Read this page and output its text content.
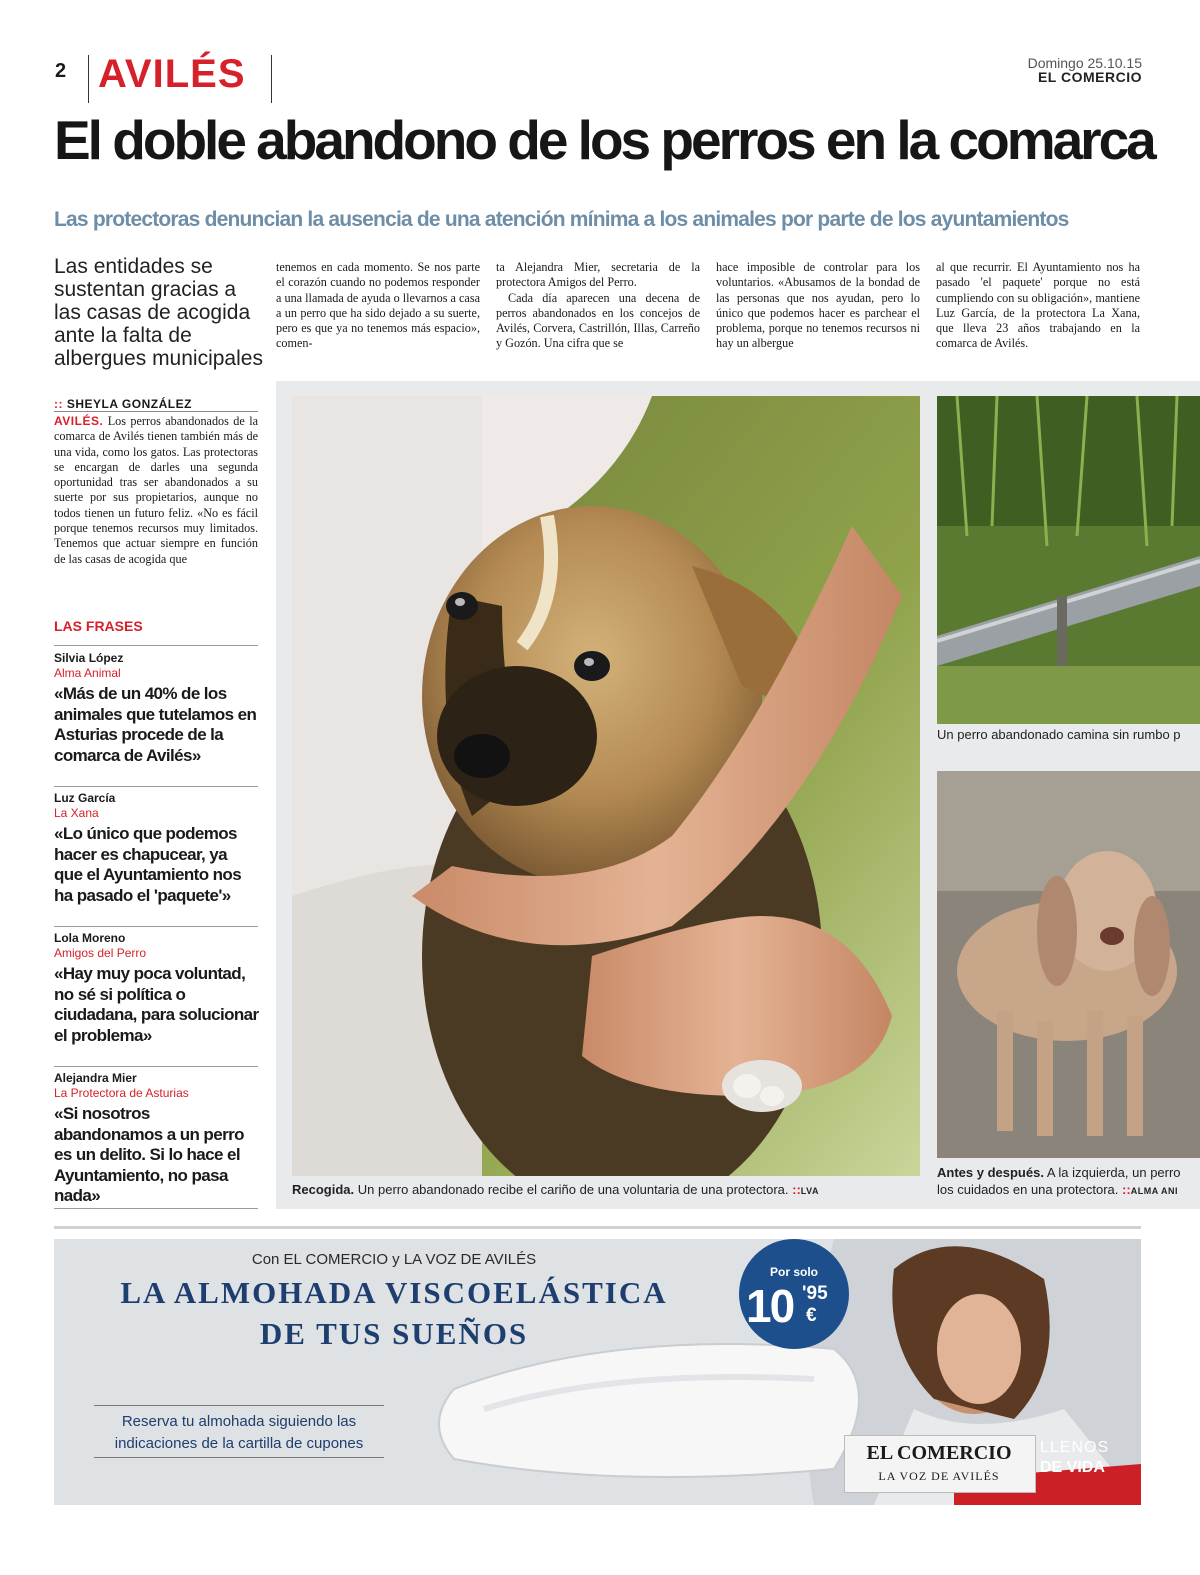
2 AVILÉS	Domingo 25.10.15
EL COMERCIO
El doble abandono de los perros en la comarca
Las protectoras denuncian la ausencia de una atención mínima a los animales por parte de los ayuntamientos
Las entidades se sustentan gracias a las casas de acogida ante la falta de albergues municipales
:: SHEYLA GONZÁLEZ
AVILÉS. Los perros abandonados de la comarca de Avilés tienen también más de una vida, como los gatos. Las protectoras se encargan de darles una segunda oportunidad tras ser abandonados a su suerte por sus propietarios, aunque no todos tienen un futuro feliz. «No es fácil porque tenemos recursos muy limitados. Tenemos que actuar siempre en función de las casas de acogida que

tenemos en cada momento. Se nos parte el corazón cuando no podemos responder a una llamada de ayuda o llevarnos a casa a un perro que ha sido dejado a su suerte, pero es que ya no tenemos más espacio», comen-

ta Alejandra Mier, secretaria de la protectora Amigos del Perro.

Cada día aparecen una decena de perros abandonados en los concejos de Avilés, Corvera, Castrillón, Illas, Carreño y Gozón. Una cifra que se

hace imposible de controlar para los voluntarios. «Abusamos de la bondad de las personas que nos ayudan, pero lo único que podemos hacer es parchear el problema, porque no tenemos recursos ni hay un albergue

al que recurrir. El Ayuntamiento nos ha pasado 'el paquete' porque no está cumpliendo con su obligación», mantiene Luz García, de la protectora La Xana, que lleva 23 años trabajando en la comarca de Avilés.

LAS FRASES
Silvia López
Alma Animal
«Más de un 40% de los animales que tutelamos en Asturias procede de la comarca de Avilés»
Luz García
La Xana
«Lo único que podemos hacer es chapucear, ya que el Ayuntamiento nos ha pasado el 'paquete'»
Lola Moreno
Amigos del Perro
«Hay muy poca voluntad, no sé si política o ciudadana, para solucionar el problema»
Alejandra Mier
La Protectora de Asturias
«Si nosotros abandonamos a un perro es un delito. Si lo hace el Ayuntamiento, no pasa nada»
Un perro abandonado camina sin rumbo p
Recogida. Un perro abandonado recibe el cariño de una voluntaria de una protectora. ::LVA
Antes y después. A la izquierda, un perro
los cuidados en una protectora. ::ALMA ANI
Con EL COMERCIO y LA VOZ DE AVILÉS
LA ALMOHADA VISCOELÁSTICA
DE TUS SUEÑOS
Por solo
10 '95
€
Reserva tu almohada siguiendo las
indicaciones de la cartilla de cupones	EL COMERCIO
LA VOZ DE AVILÉS
LLENOS
DE VIDA
